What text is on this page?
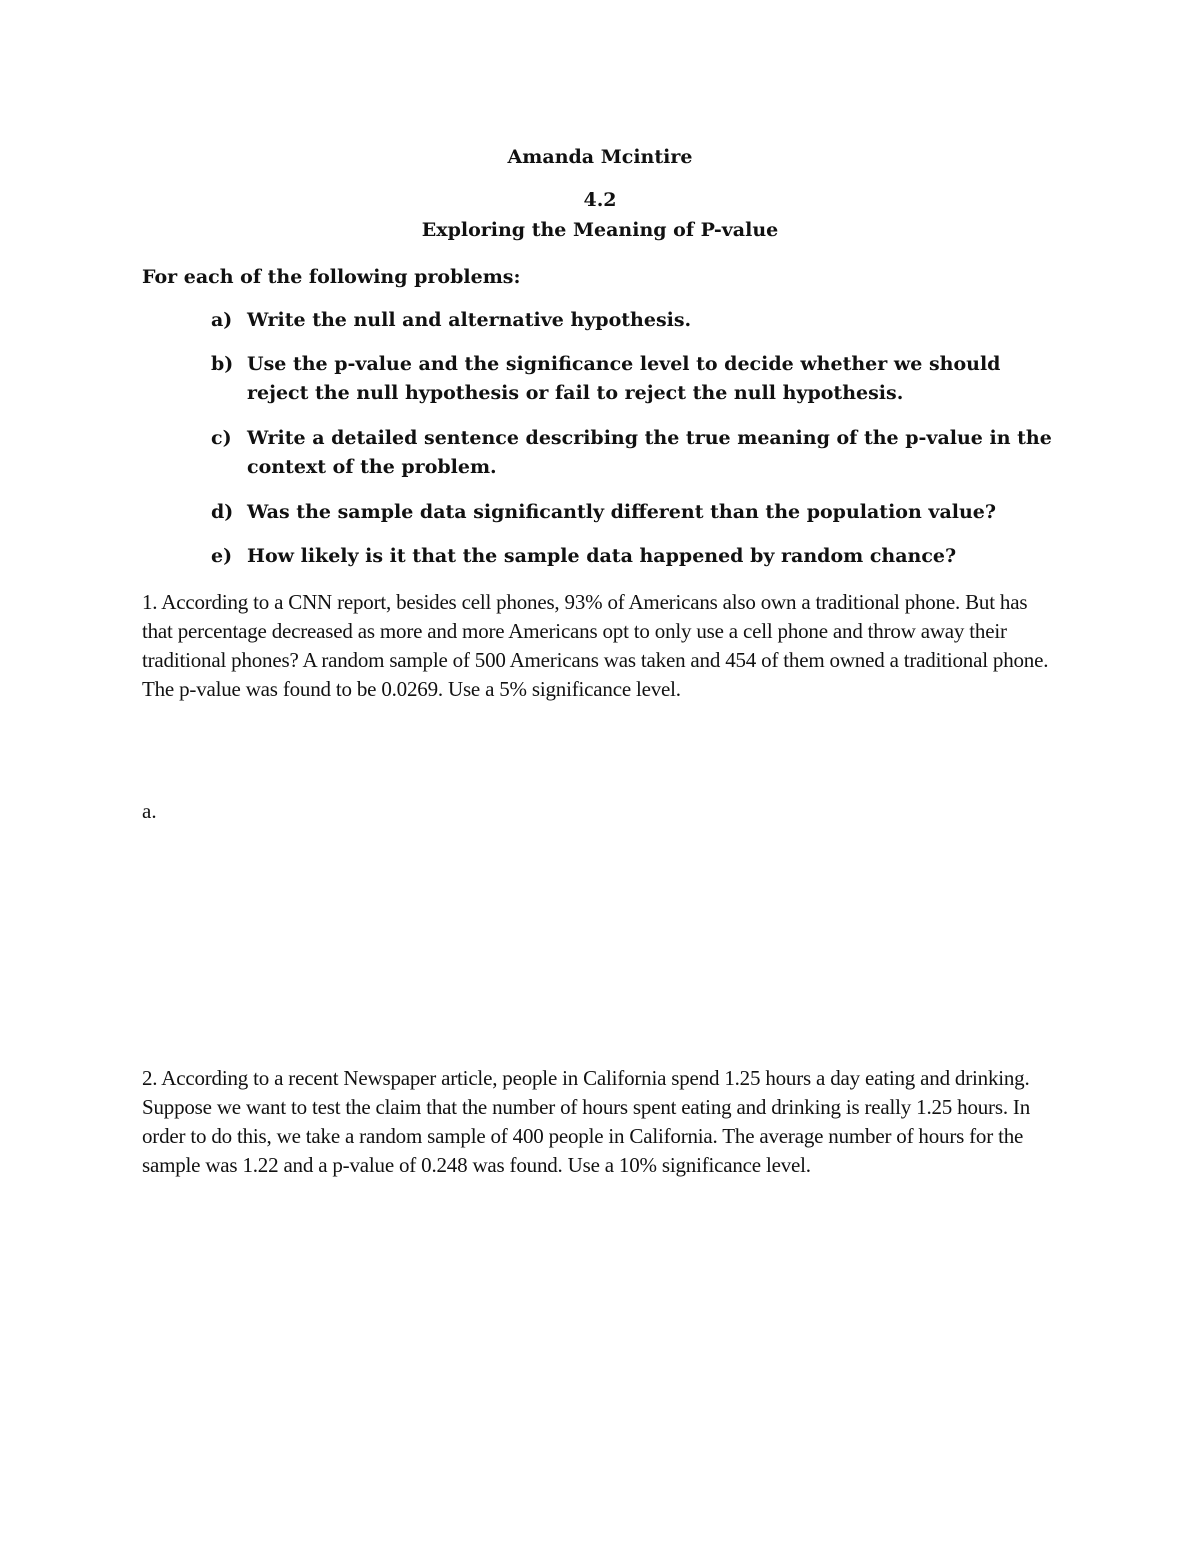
Amanda Mcintire
4.2
Exploring the Meaning of P-value
For each of the following problems:
a) Write the null and alternative hypothesis.
b) Use the p-value and the significance level to decide whether we should reject the null hypothesis or fail to reject the null hypothesis.
c) Write a detailed sentence describing the true meaning of the p-value in the context of the problem.
d) Was the sample data significantly different than the population value?
e) How likely is it that the sample data happened by random chance?
1. According to a CNN report, besides cell phones, 93% of Americans also own a traditional phone. But has that percentage decreased as more and more Americans opt to only use a cell phone and throw away their traditional phones? A random sample of 500 Americans was taken and 454 of them owned a traditional phone. The p-value was found to be 0.0269. Use a 5% significance level.
a.
2. According to a recent Newspaper article, people in California spend 1.25 hours a day eating and drinking. Suppose we want to test the claim that the number of hours spent eating and drinking is really 1.25 hours. In order to do this, we take a random sample of 400 people in California. The average number of hours for the sample was 1.22 and a p-value of 0.248 was found. Use a 10% significance level.
